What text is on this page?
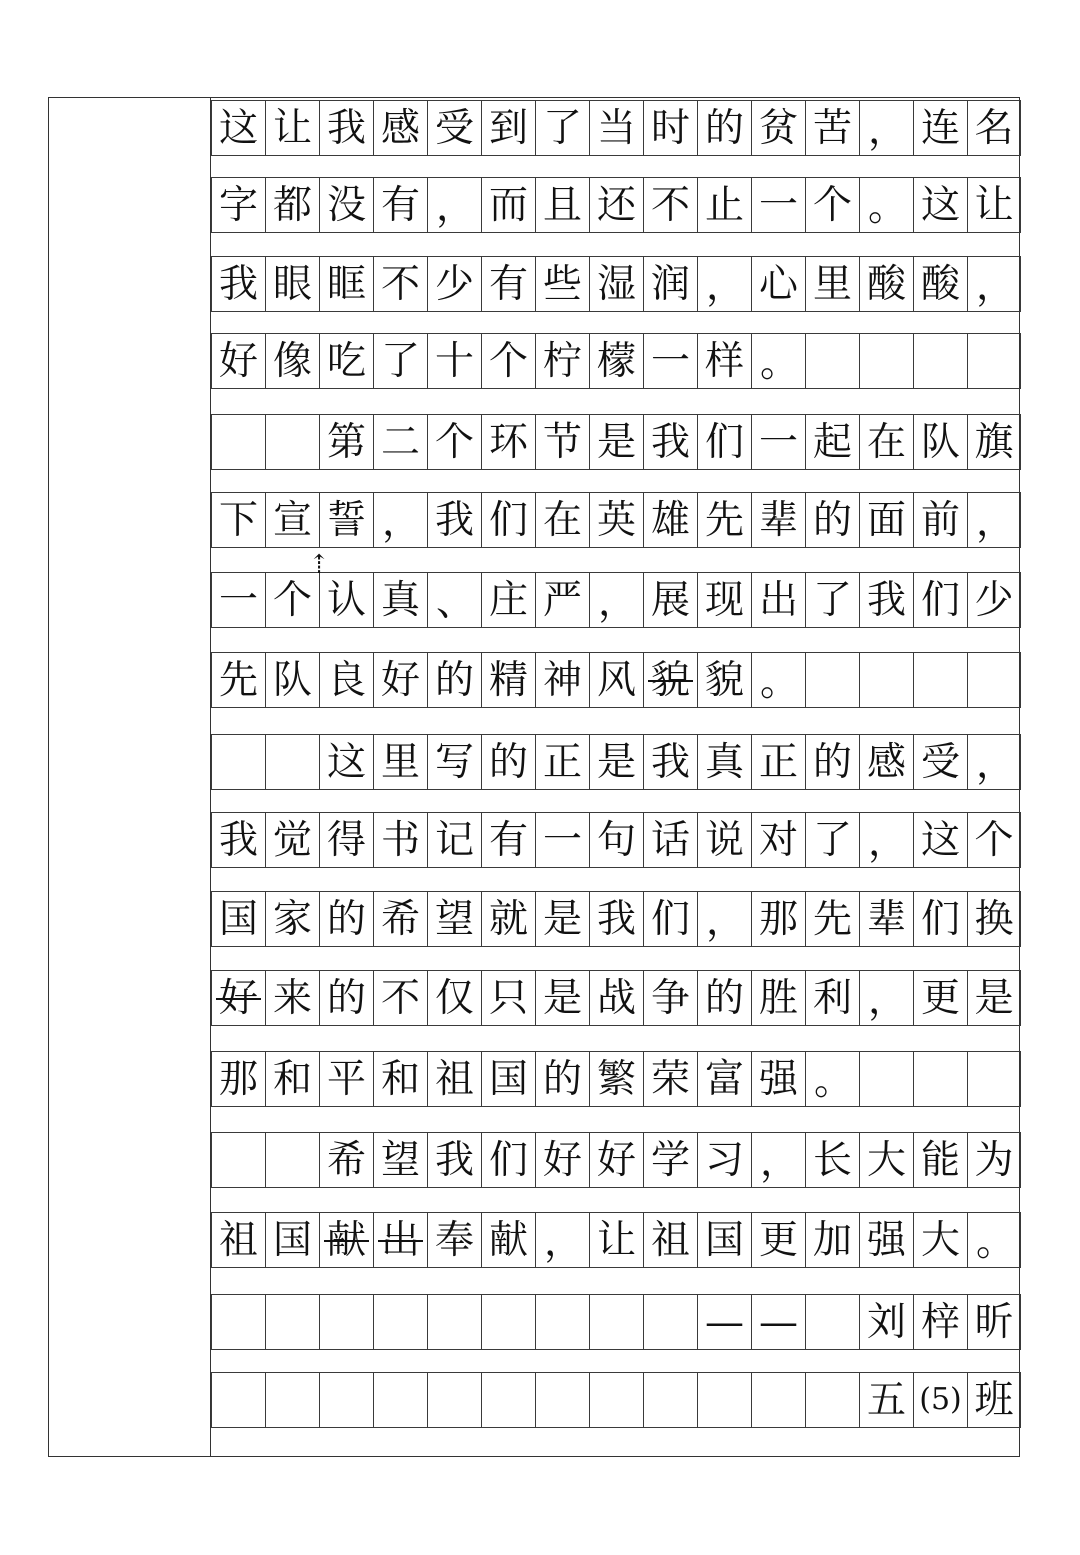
这 让 我 感 受 到 了 当 时 的 贫 苦 ， 连 名
字 都 没 有 ， 而 且 还 不 止 一 个 。 这 让
我 眼 眶 不 少 有 些 湿 润 ， 心 里 酸 酸 ，
好 像 吃 了 十 个 柠 檬 一 样 。
第 二 个 环 节 是 我 们 一 起 在 队 旗
下 宣 誓 ， 我 们 在 英 雄 先 辈 的 面 前 ，
一 个 认 真 、 庄 严 ， 展 现 出 了 我 们 少
⇡
先 队 良 好 的 精 神 风 貌 貌 。
这 里 写 的 正 是 我 真 正 的 感 受 ，
我 觉 得 书 记 有 一 句 话 说 对 了 ， 这 个
国 家 的 希 望 就 是 我 们 ， 那 先 辈 们 换
好 来 的 不 仅 只 是 战 争 的 胜 利 ， 更 是
那 和 平 和 祖 国 的 繁 荣 富 强 。
希 望 我 们 好 好 学 习 ， 长 大 能 为
祖 国 献 出 奉 献 ， 让 祖 国 更 加 强 大 。
— — 刘 梓 昕
五 (5) 班
